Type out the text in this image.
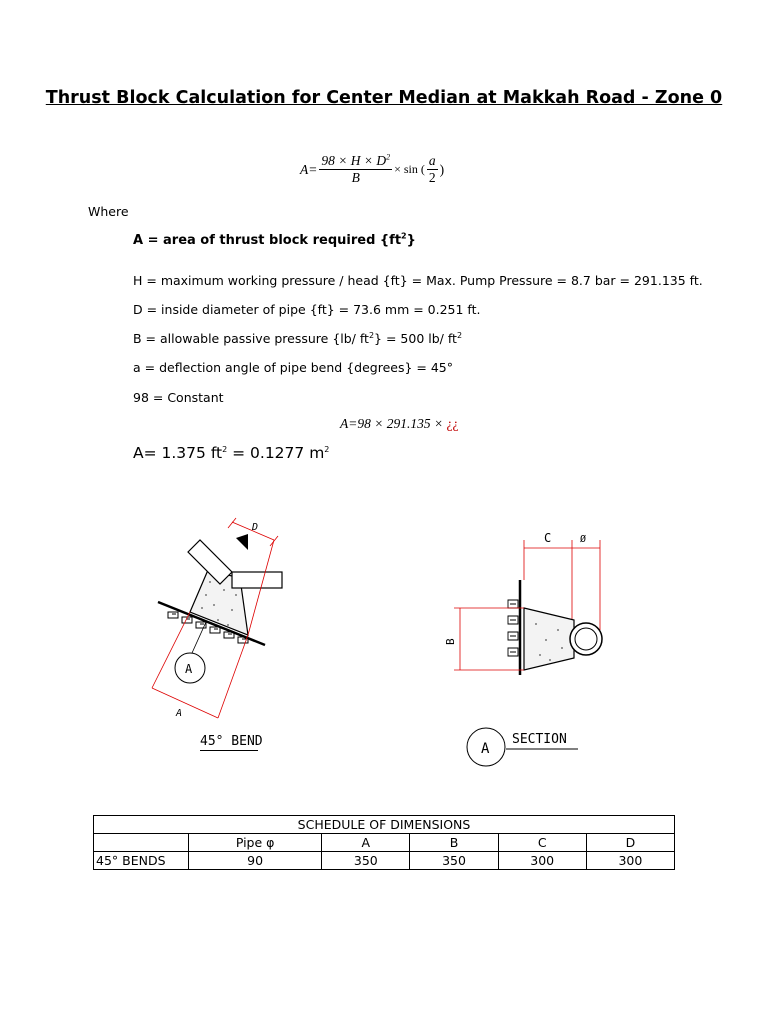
Thrust Block Calculation for Center Median at Makkah Road - Zone 0
$A= \frac{98 \times H \times D^2}{B} \times \sin$ ( $\frac{a}{2}$ )
Where
A = area of thrust block required $\{ft^2\}$
H = maximum working pressure / head {ft} = Max. Pump Pressure = 8.7 bar = 291.135 ft.
D = inside diameter of pipe {ft} = 73.6 mm = 0.251 ft.
B = allowable passive pressure {lb/ $ft^2\} = 500$ lb/ $ft^2$
a = deflection angle of pipe bend {degrees} = 45°
98 = Constant
A=98 × 291.135 × ¿¿
A= 1.375 $ft^2 = 0.1277$ $m^2$
D
A
A
45° BEND
C	Ø
B
A
SECTION
SCHEDULE OF DIMENSIONS					
	Pipe φ	A	B	C	D
45° BENDS	90	350	350	300	300
